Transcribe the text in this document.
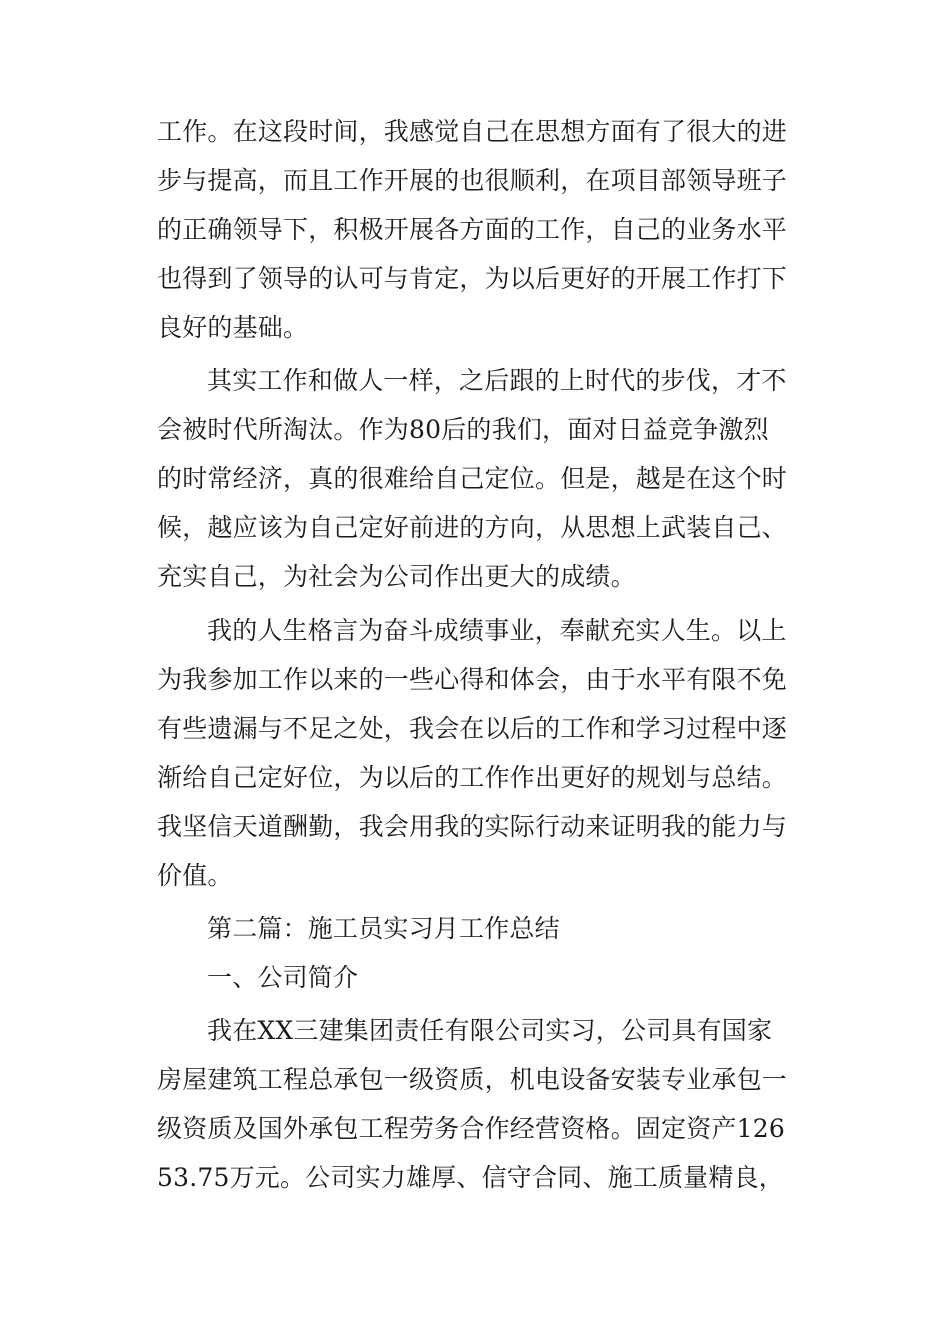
工作。在这段时间，我感觉自己在思想方面有了很大的进
步与提高，而且工作开展的也很顺利，在项目部领导班子
的正确领导下，积极开展各方面的工作，自己的业务水平
也得到了领导的认可与肯定，为以后更好的开展工作打下
良好的基础。
其实工作和做人一样，之后跟的上时代的步伐，才不
会被时代所淘汰。作为80后的我们，面对日益竞争激烈
的时常经济，真的很难给自己定位。但是，越是在这个时
候，越应该为自己定好前进的方向，从思想上武装自己、
充实自己，为社会为公司作出更大的成绩。
我的人生格言为奋斗成绩事业，奉献充实人生。以上
为我参加工作以来的一些心得和体会，由于水平有限不免
有些遗漏与不足之处，我会在以后的工作和学习过程中逐
渐给自己定好位，为以后的工作作出更好的规划与总结。
我坚信天道酬勤，我会用我的实际行动来证明我的能力与
价值。
第二篇：施工员实习月工作总结
一、公司简介
我在XX三建集团责任有限公司实习，公司具有国家
房屋建筑工程总承包一级资质，机电设备安装专业承包一
级资质及国外承包工程劳务合作经营资格。固定资产126
53.75万元。公司实力雄厚、信守合同、施工质量精良，
